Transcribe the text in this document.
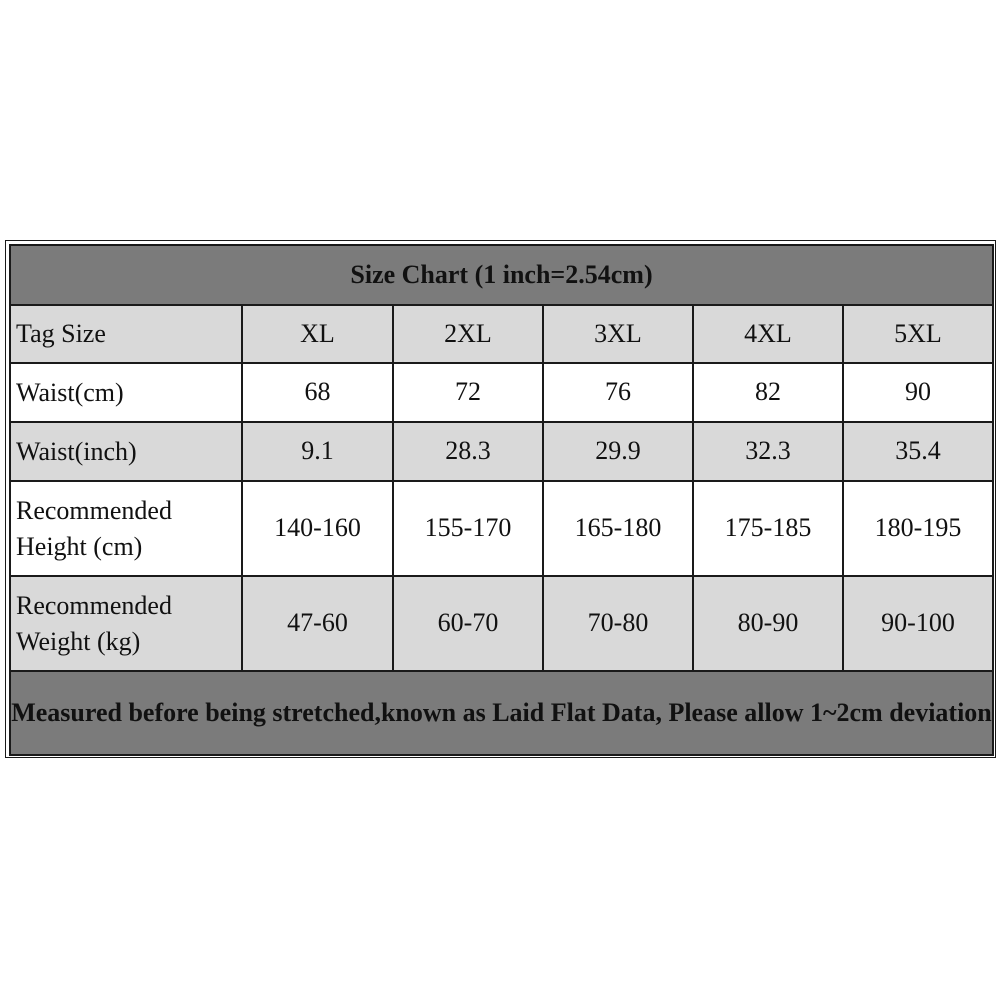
Size Chart (1 inch=2.54cm)					
Tag Size	XL	2XL	3XL	4XL	5XL
Waist(cm)	68	72	76	82	90
Waist(inch)	9.1	28.3	29.9	32.3	35.4
Recommended Height (cm)	140-160	155-170	165-180	175-185	180-195
Recommended Weight (kg)	47-60	60-70	70-80	80-90	90-100
Measured before being stretched,known as Laid Flat Data, Please allow 1~2cm deviation					
